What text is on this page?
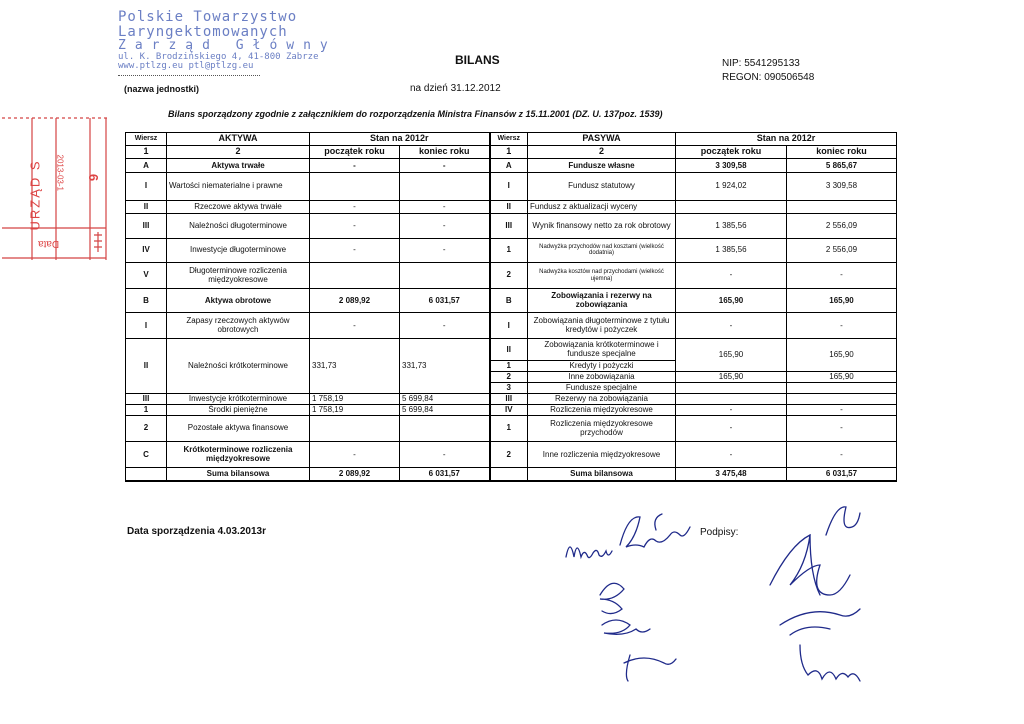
Polskie Towarzystwo
Laryngektomowanych
Zarząd Główny
ul. K. Brodzińskiego 4, 41-800 Zabrze
www.ptlzg.eu ptl@ptlzg.eu
(nazwa jednostki)
BILANS
na dzień 31.12.2012
NIP: 5541295133
REGON: 090506548
Bilans sporządzony zgodnie z załącznikiem do rozporządzenia Ministra Finansów z 15.11.2001 (DZ. U. 137poz. 1539)
URZĄD S 2013-03-1
Data
6
Wiersz	AKTYWA	Stan na 2012r		Wiersz	PASYWA	Stan na 2012r	
1	2	początek roku	koniec roku	1	2	początek roku	koniec roku
A	Aktywa trwałe	-	-	A	Fundusze własne	3 309,58	5 865,67
I	Wartości niematerialne i prawne			I	Fundusz statutowy	1 924,02	3 309,58
II	Rzeczowe aktywa trwałe	-	-	II	Fundusz z aktualizacji wyceny		
III	Należności długoterminowe	-	-	III	Wynik finansowy netto za rok obrotowy	1 385,56	2 556,09
IV	Inwestycje długoterminowe	-	-	1	Nadwyżka przychodów nad kosztami (wielkość dodatnia)	1 385,56	2 556,09
V	Długoterminowe rozliczenia międzyokresowe			2	Nadwyżka kosztów nad przychodami (wielkość ujemna)	-	-
B	Aktywa obrotowe	2 089,92	6 031,57	B	Zobowiązania i rezerwy na zobowiązania	165,90	165,90
I	Zapasy rzeczowych aktywów obrotowych	-	-	I	Zobowiązania długoterminowe z tytułu kredytów i pożyczek	-	-
II	Należności krótkoterminowe	331,73	331,73	II	Zobowiązania krótkoterminowe i fundusze specjalne	165,90	165,90
				1	Kredyty i pożyczki		
				2	Inne zobowiązania	165,90	165,90
				3	Fundusze specjalne		
III	Inwestycje krótkoterminowe	1 758,19	5 699,84	III	Rezerwy na zobowiązania		
1	Środki pieniężne	1 758,19	5 699,84	IV	Rozliczenia międzyokresowe	-	-
2	Pozostałe aktywa finansowe			1	Rozliczenia międzyokresowe przychodów	-	-
C	Krótkoterminowe rozliczenia międzyokresowe	-	-	2	Inne rozliczenia międzyokresowe	-	-
	Suma bilansowa	2 089,92	6 031,57		Suma bilansowa	3 475,48	6 031,57
Data sporządzenia 4.03.2013r	Podpisy:
